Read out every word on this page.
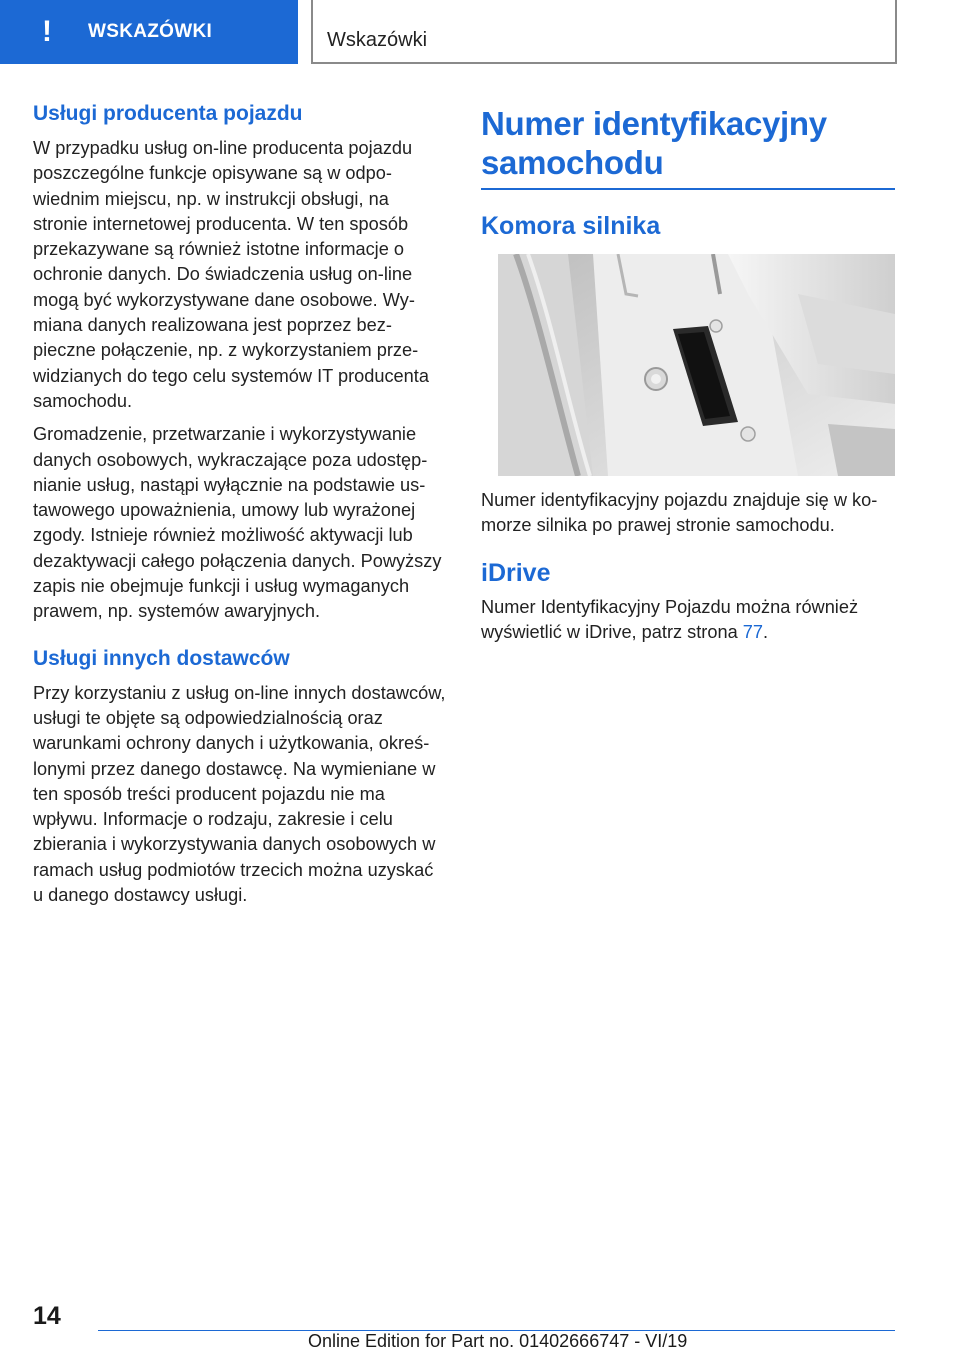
!	WSKAZÓWKI	Wskazówki
Usługi producenta pojazdu

W przypadku usług on-line producenta pojazdu poszczególne funkcje opisywane są w odpowiednim miejscu, np. w instrukcji obsługi, na stronie internetowej producenta. W ten sposób przekazywane są również istotne informacje o ochronie danych. Do świadczenia usług on-line mogą być wykorzystywane dane osobowe. Wymiana danych realizowana jest poprzez bezpieczne połączenie, np. z wykorzystaniem przewidzianych do tego celu systemów IT producenta samochodu.

Gromadzenie, przetwarzanie i wykorzystywanie danych osobowych, wykraczające poza udostępnianie usług, nastąpi wyłącznie na podstawie ustawowego upoważnienia, umowy lub wyrażonej zgody. Istnieje również możliwość aktywacji lub dezaktywacji całego połączenia danych. Powyższy zapis nie obejmuje funkcji i usług wymaganych prawem, np. systemów awaryjnych.

Usługi innych dostawców

Przy korzystaniu z usług on-line innych dostawców, usługi te objęte są odpowiedzialnością oraz warunkami ochrony danych i użytkowania, określonymi przez danego dostawcę. Na wymieniane w ten sposób treści producent pojazdu nie ma wpływu. Informacje o rodzaju, zakresie i celu zbierania i wykorzystywania danych osobowych w ramach usług podmiotów trzecich można uzyskać u danego dostawcy usługi.

Numer identyfikacyjny samochodu
Komora silnika

Numer identyfikacyjny pojazdu znajduje się w komorze silnika po prawej stronie samochodu.

iDrive

Numer Identyfikacyjny Pojazdu można również wyświetlić w iDrive, patrz strona 77.

14
Online Edition for Part no. 01402666747 - VI/19
